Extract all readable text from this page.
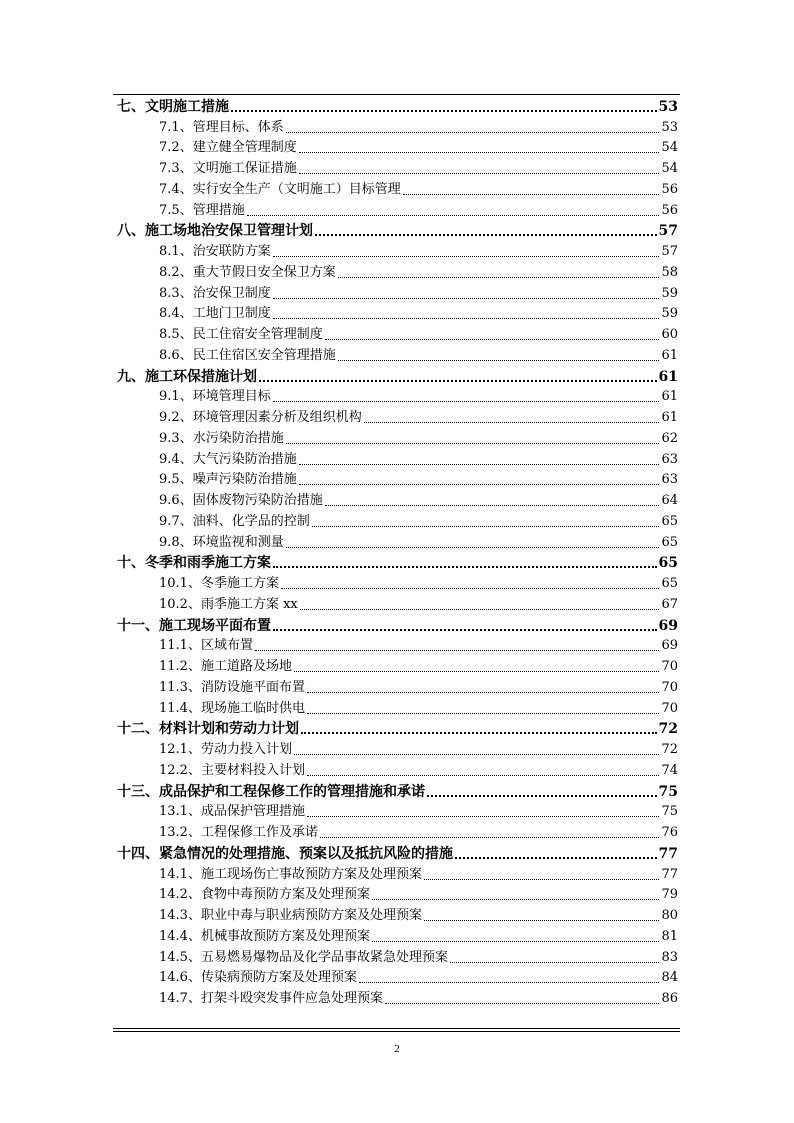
七、 文明施工措施	53
7.1、 管理目标、体系	53
7.2、 建立健全管理制度	54
7.3、 文明施工保证措施	54
7.4、 实行安全生产（文明施工）目标管理	56
7.5、 管理措施	56
八、 施工场地治安保卫管理计划	57
8.1、 治安联防方案	57
8.2、 重大节假日安全保卫方案	58
8.3、 治安保卫制度	59
8.4、 工地门卫制度	59
8.5、 民工住宿安全管理制度	60
8.6、 民工住宿区安全管理措施	61
九、 施工环保措施计划	61
9.1、 环境管理目标	61
9.2、 环境管理因素分析及组织机构	61
9.3、 水污染防治措施	62
9.4、 大气污染防治措施	63
9.5、 噪声污染防治措施	63
9.6、 固体废物污染防治措施	64
9.7、 油料、化学品的控制	65
9.8、 环境监视和测量	65
十、 冬季和雨季施工方案	65
10.1、 冬季施工方案	65
10.2、 雨季施工方案 xx	67
十一、 施工现场平面布置	69
11.1、 区域布置	69
11.2、 施工道路及场地	70
11.3、 消防设施平面布置	70
11.4、 现场施工临时供电	70
十二、 材料计划和劳动力计划	72
12.1、 劳动力投入计划	72
12.2、 主要材料投入计划	74
十三、 成品保护和工程保修工作的管理措施和承诺	75
13.1、 成品保护管理措施	75
13.2、 工程保修工作及承诺	76
十四、 紧急情况的处理措施、预案以及抵抗风险的措施	77
14.1、 施工现场伤亡事故预防方案及处理预案	77
14.2、 食物中毒预防方案及处理预案	79
14.3、 职业中毒与职业病预防方案及处理预案	80
14.4、 机械事故预防方案及处理预案	81
14.5、 五易燃易爆物品及化学品事故紧急处理预案	83
14.6、 传染病预防方案及处理预案	84
14.7、 打架斗殴突发事件应急处理预案	86
2
